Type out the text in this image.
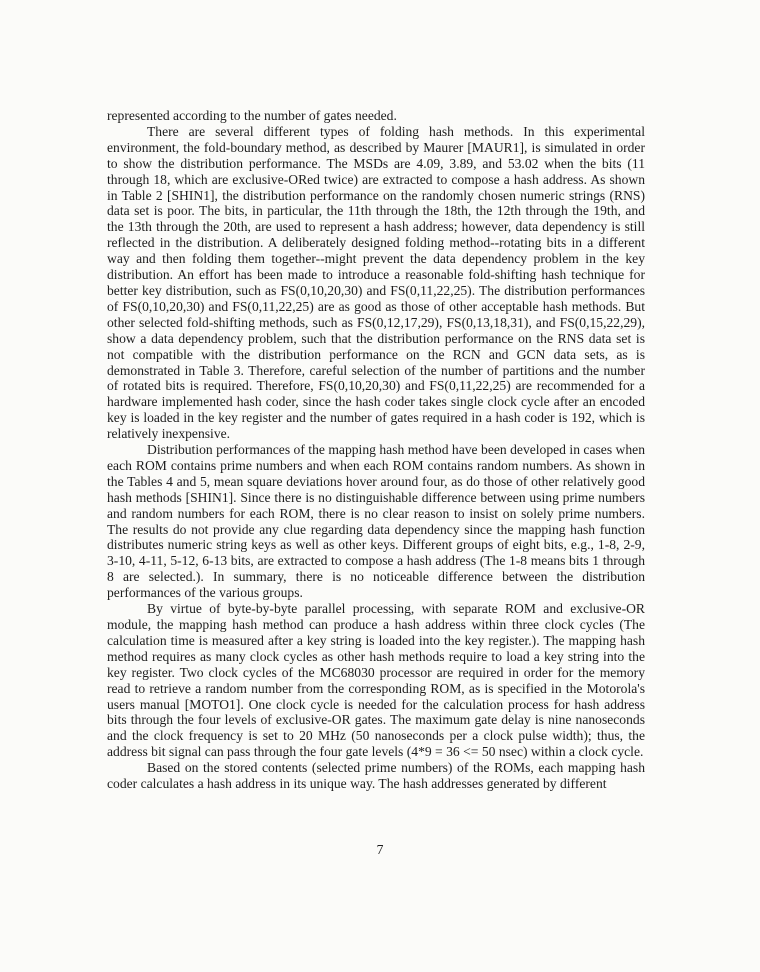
represented according to the number of gates needed.

There are several different types of folding hash methods. In this experimental environment, the fold-boundary method, as described by Maurer [MAUR1], is simulated in order to show the distribution performance. The MSDs are 4.09, 3.89, and 53.02 when the bits (11 through 18, which are exclusive-ORed twice) are extracted to compose a hash address. As shown in Table 2 [SHIN1], the distribution performance on the randomly chosen numeric strings (RNS) data set is poor. The bits, in particular, the 11th through the 18th, the 12th through the 19th, and the 13th through the 20th, are used to represent a hash address; however, data dependency is still reflected in the distribution. A deliberately designed folding method--rotating bits in a different way and then folding them together--might prevent the data dependency problem in the key distribution. An effort has been made to introduce a reasonable fold-shifting hash technique for better key distribution, such as FS(0,10,20,30) and FS(0,11,22,25). The distribution performances of FS(0,10,20,30) and FS(0,11,22,25) are as good as those of other acceptable hash methods. But other selected fold-shifting methods, such as FS(0,12,17,29), FS(0,13,18,31), and FS(0,15,22,29), show a data dependency problem, such that the distribution performance on the RNS data set is not compatible with the distribution performance on the RCN and GCN data sets, as is demonstrated in Table 3. Therefore, careful selection of the number of partitions and the number of rotated bits is required. Therefore, FS(0,10,20,30) and FS(0,11,22,25) are recommended for a hardware implemented hash coder, since the hash coder takes single clock cycle after an encoded key is loaded in the key register and the number of gates required in a hash coder is 192, which is relatively inexpensive.

Distribution performances of the mapping hash method have been developed in cases when each ROM contains prime numbers and when each ROM contains random numbers. As shown in the Tables 4 and 5, mean square deviations hover around four, as do those of other relatively good hash methods [SHIN1]. Since there is no distinguishable difference between using prime numbers and random numbers for each ROM, there is no clear reason to insist on solely prime numbers. The results do not provide any clue regarding data dependency since the mapping hash function distributes numeric string keys as well as other keys. Different groups of eight bits, e.g., 1-8, 2-9, 3-10, 4-11, 5-12, 6-13 bits, are extracted to compose a hash address (The 1-8 means bits 1 through 8 are selected.). In summary, there is no noticeable difference between the distribution performances of the various groups.

By virtue of byte-by-byte parallel processing, with separate ROM and exclusive-OR module, the mapping hash method can produce a hash address within three clock cycles (The calculation time is measured after a key string is loaded into the key register.). The mapping hash method requires as many clock cycles as other hash methods require to load a key string into the key register. Two clock cycles of the MC68030 processor are required in order for the memory read to retrieve a random number from the corresponding ROM, as is specified in the Motorola's users manual [MOTO1]. One clock cycle is needed for the calculation process for hash address bits through the four levels of exclusive-OR gates. The maximum gate delay is nine nanoseconds and the clock frequency is set to 20 MHz (50 nanoseconds per a clock pulse width); thus, the address bit signal can pass through the four gate levels (4*9 = 36 <= 50 nsec) within a clock cycle.

Based on the stored contents (selected prime numbers) of the ROMs, each mapping hash coder calculates a hash address in its unique way. The hash addresses generated by different

7
